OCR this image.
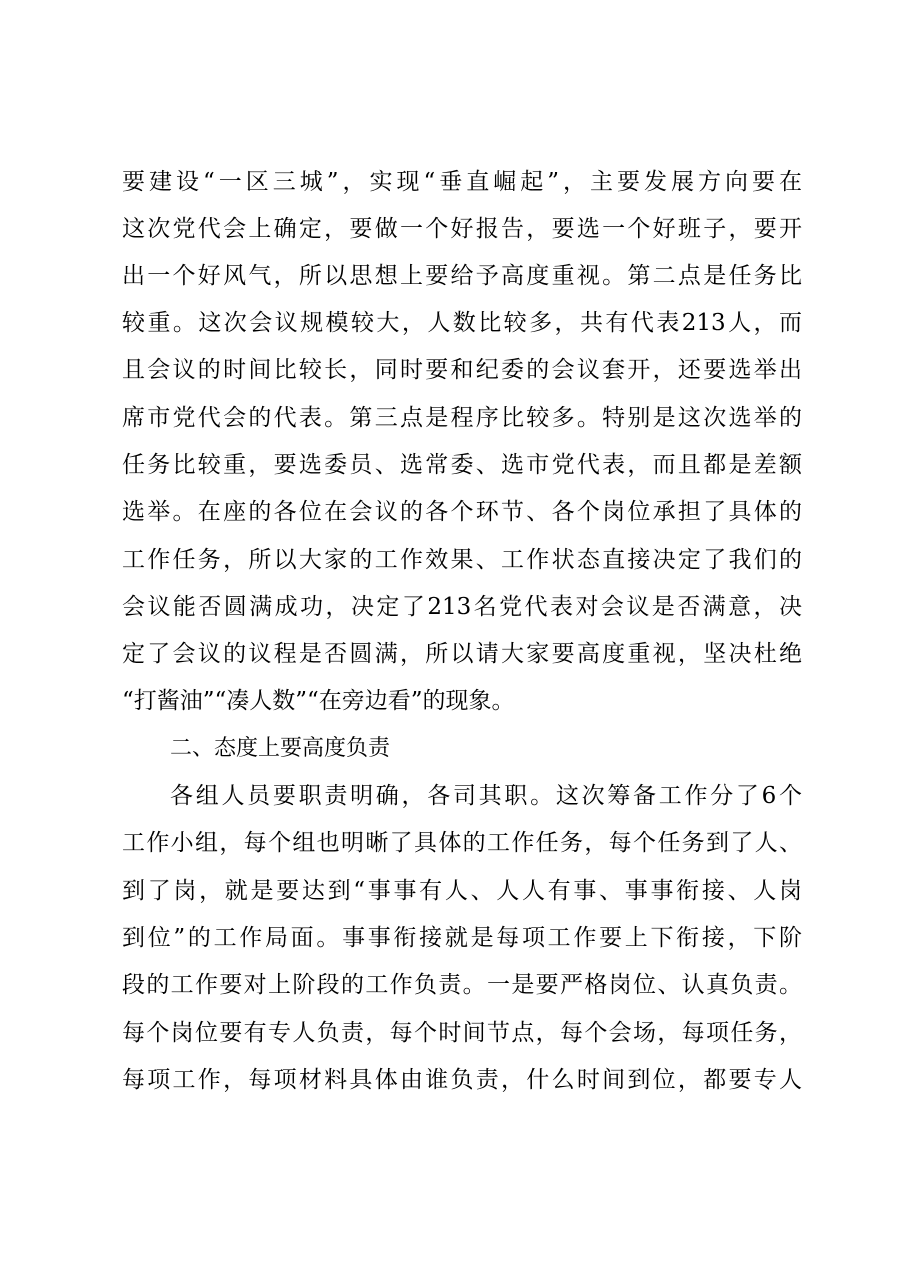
要建设“一区三城”，实现“垂直崛起”，主要发展方向要在
这次党代会上确定，要做一个好报告，要选一个好班子，要开
出一个好风气，所以思想上要给予高度重视。第二点是任务比
较重。这次会议规模较大，人数比较多，共有代表213人，而
且会议的时间比较长，同时要和纪委的会议套开，还要选举出
席市党代会的代表。第三点是程序比较多。特别是这次选举的
任务比较重，要选委员、选常委、选市党代表，而且都是差额
选举。在座的各位在会议的各个环节、各个岗位承担了具体的
工作任务，所以大家的工作效果、工作状态直接决定了我们的
会议能否圆满成功，决定了213名党代表对会议是否满意，决
定了会议的议程是否圆满，所以请大家要高度重视，坚决杜绝
“打酱油”“凑人数”“在旁边看”的现象。
二、态度上要高度负责
各组人员要职责明确，各司其职。这次筹备工作分了6个
工作小组，每个组也明晰了具体的工作任务，每个任务到了人、
到了岗，就是要达到“事事有人、人人有事、事事衔接、人岗
到位”的工作局面。事事衔接就是每项工作要上下衔接，下阶
段的工作要对上阶段的工作负责。一是要严格岗位、认真负责。
每个岗位要有专人负责，每个时间节点，每个会场，每项任务，
每项工作，每项材料具体由谁负责，什么时间到位，都要专人
